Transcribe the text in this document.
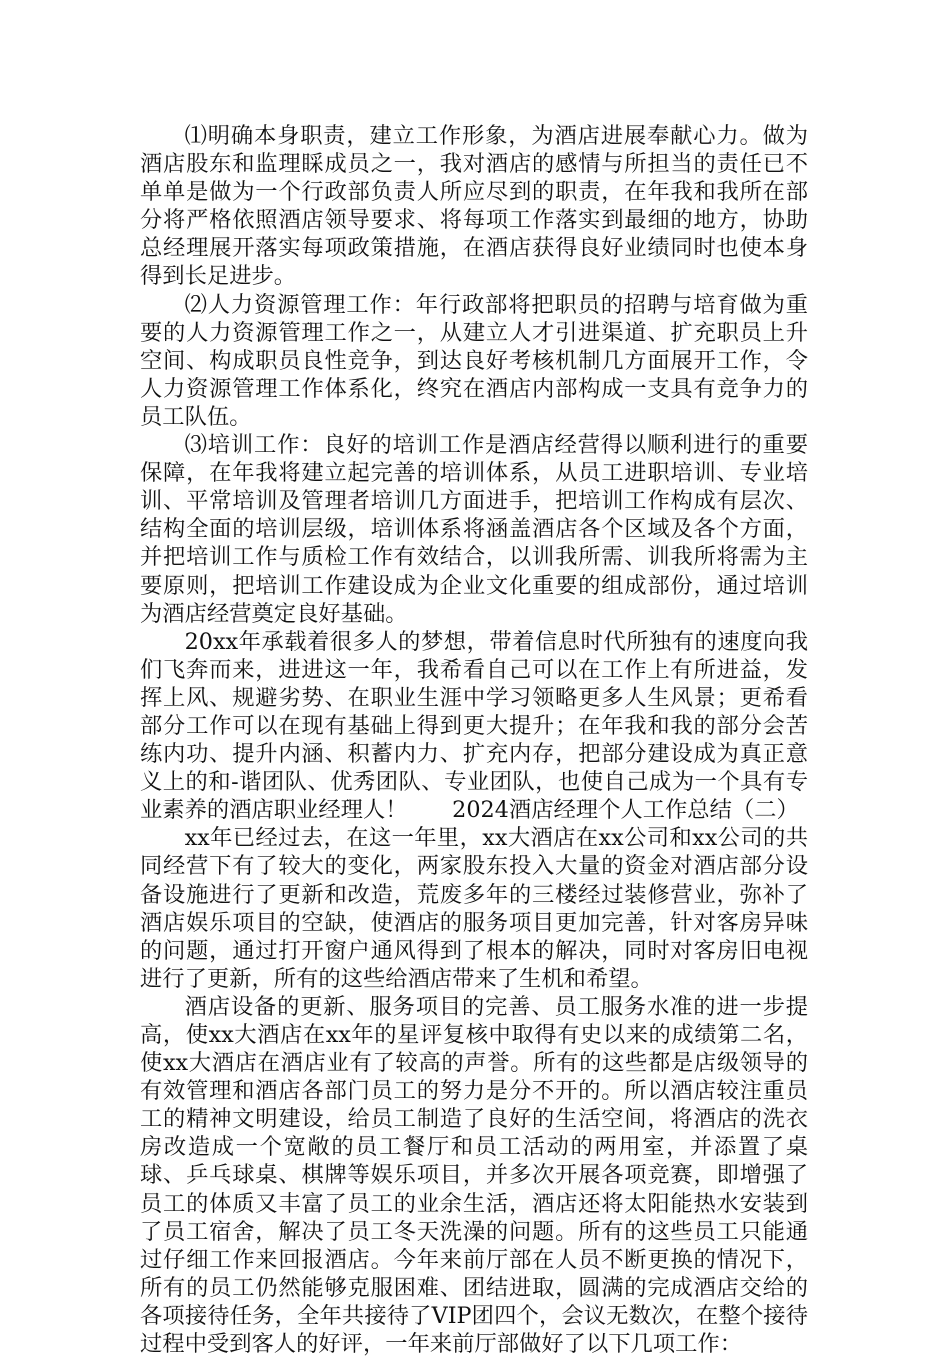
⑴明确本身职责，建立工作形象，为酒店进展奉献心力。做为酒店股东和监理睬成员之一，我对酒店的感情与所担当的责任已不单单是做为一个行政部负责人所应尽到的职责，在年我和我所在部分将严格依照酒店领导要求、将每项工作落实到最细的地方，协助总经理展开落实每项政策措施，在酒店获得良好业绩同时也使本身得到长足进步。

⑵人力资源管理工作：年行政部将把职员的招聘与培育做为重要的人力资源管理工作之一，从建立人才引进渠道、扩充职员上升空间、构成职员良性竞争，到达良好考核机制几方面展开工作，令人力资源管理工作体系化，终究在酒店内部构成一支具有竞争力的员工队伍。

⑶培训工作：良好的培训工作是酒店经营得以顺利进行的重要保障，在年我将建立起完善的培训体系，从员工进职培训、专业培训、平常培训及管理者培训几方面进手，把培训工作构成有层次、结构全面的培训层级，培训体系将涵盖酒店各个区域及各个方面，并把培训工作与质检工作有效结合，以训我所需、训我所将需为主要原则，把培训工作建设成为企业文化重要的组成部份，通过培训为酒店经营奠定良好基础。

20xx年承载着很多人的梦想，带着信息时代所独有的速度向我们飞奔而来，进进这一年，我希看自己可以在工作上有所进益，发挥上风、规避劣势、在职业生涯中学习领略更多人生风景；更希看部分工作可以在现有基础上得到更大提升；在年我和我的部分会苦练内功、提升内涵、积蓄内力、扩充内存，把部分建设成为真正意义上的和-谐团队、优秀团队、专业团队，也使自己成为一个具有专业素养的酒店职业经理人！ 2024酒店经理个人工作总结（二）

xx年已经过去，在这一年里，xx大酒店在xx公司和xx公司的共同经营下有了较大的变化，两家股东投入大量的资金对酒店部分设备设施进行了更新和改造，荒废多年的三楼经过装修营业，弥补了酒店娱乐项目的空缺，使酒店的服务项目更加完善，针对客房异味的问题，通过打开窗户通风得到了根本的解决，同时对客房旧电视进行了更新，所有的这些给酒店带来了生机和希望。

酒店设备的更新、服务项目的完善、员工服务水准的进一步提高，使xx大酒店在xx年的星评复核中取得有史以来的成绩第二名，使xx大酒店在酒店业有了较高的声誉。所有的这些都是店级领导的有效管理和酒店各部门员工的努力是分不开的。所以酒店较注重员工的精神文明建设，给员工制造了良好的生活空间，将酒店的洗衣房改造成一个宽敞的员工餐厅和员工活动的两用室，并添置了桌球、乒乓球桌、棋牌等娱乐项目，并多次开展各项竞赛，即增强了员工的体质又丰富了员工的业余生活，酒店还将太阳能热水安装到了员工宿舍，解决了员工冬天洗澡的问题。所有的这些员工只能通过仔细工作来回报酒店。今年来前厅部在人员不断更换的情况下，所有的员工仍然能够克服困难、团结进取，圆满的完成酒店交给的各项接待任务，全年共接待了VIP团四个，会议无数次，在整个接待过程中受到客人的好评，一年来前厅部做好了以下几项工作：
